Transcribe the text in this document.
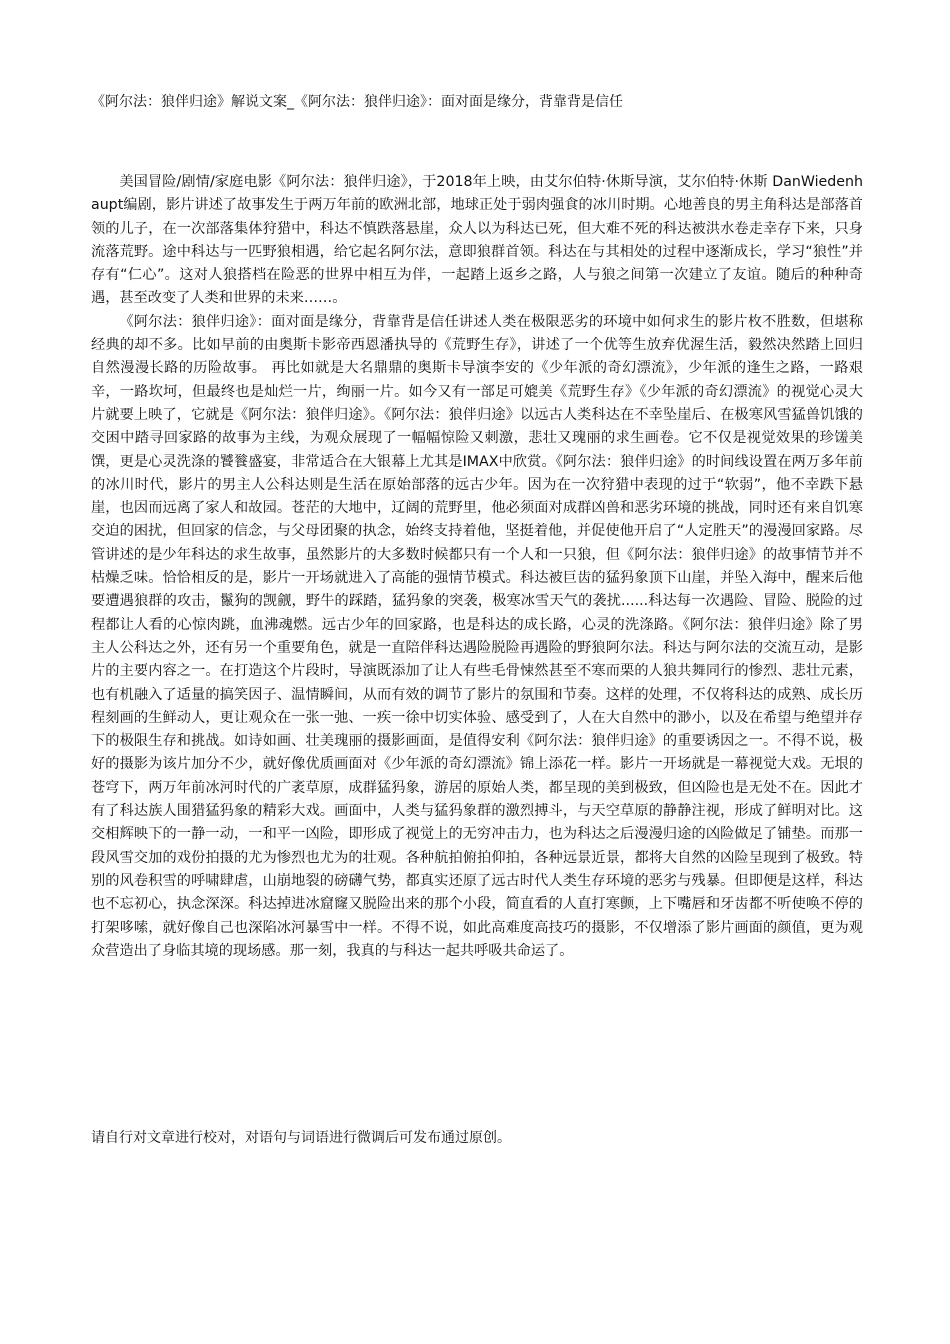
《阿尔法：狼伴归途》解说文案_《阿尔法：狼伴归途》：面对面是缘分，背靠背是信任

美国冒险/剧情/家庭电影《阿尔法：狼伴归途》，于2018年上映，由艾尔伯特·休斯导演，艾尔伯特·休斯 DanWiedenhaupt编剧，影片讲述了故事发生于两万年前的欧洲北部，地球正处于弱肉强食的冰川时期。心地善良的男主角科达是部落首领的儿子，在一次部落集体狩猎中，科达不慎跌落悬崖，众人以为科达已死，但大难不死的科达被洪水卷走幸存下来，只身流落荒野。途中科达与一匹野狼相遇，给它起名阿尔法，意即狼群首领。科达在与其相处的过程中逐渐成长，学习“狼性”并存有“仁心”。这对人狼搭档在险恶的世界中相互为伴，一起踏上返乡之路，人与狼之间第一次建立了友谊。随后的种种奇遇，甚至改变了人类和世界的未来……。

《阿尔法：狼伴归途》：面对面是缘分，背靠背是信任讲述人类在极限恶劣的环境中如何求生的影片枚不胜数，但堪称经典的却不多。比如早前的由奥斯卡影帝西恩潘执导的《荒野生存》，讲述了一个优等生放弃优渥生活，毅然决然踏上回归自然漫漫长路的历险故事。 再比如就是大名鼎鼎的奥斯卡导演李安的《少年派的奇幻漂流》，少年派的逢生之路，一路艰辛，一路坎坷，但最终也是灿烂一片，绚丽一片。如今又有一部足可媲美《荒野生存》《少年派的奇幻漂流》的视觉心灵大片就要上映了，它就是《阿尔法：狼伴归途》。《阿尔法：狼伴归途》以远古人类科达在不幸坠崖后、在极寒风雪猛兽饥饿的交困中踏寻回家路的故事为主线，为观众展现了一幅幅惊险又刺激，悲壮又瑰丽的求生画卷。它不仅是视觉效果的珍馐美馔，更是心灵洗涤的饕餮盛宴，非常适合在大银幕上尤其是IMAX中欣赏。《阿尔法：狼伴归途》的时间线设置在两万多年前的冰川时代，影片的男主人公科达则是生活在原始部落的远古少年。因为在一次狩猎中表现的过于“软弱”，他不幸跌下悬崖，也因而远离了家人和故园。苍茫的大地中，辽阔的荒野里，他必须面对成群凶兽和恶劣环境的挑战，同时还有来自饥寒交迫的困扰，但回家的信念，与父母团聚的执念，始终支持着他，坚挺着他，并促使他开启了“人定胜天”的漫漫回家路。尽管讲述的是少年科达的求生故事，虽然影片的大多数时候都只有一个人和一只狼，但《阿尔法：狼伴归途》的故事情节并不枯燥乏味。恰恰相反的是，影片一开场就进入了高能的强情节模式。科达被巨齿的猛犸象顶下山崖，并坠入海中，醒来后他要遭遇狼群的攻击，鬣狗的觊觎，野牛的踩踏，猛犸象的突袭，极寒冰雪天气的袭扰......科达每一次遇险、冒险、脱险的过程都让人看的心惊肉跳，血沸魂燃。远古少年的回家路，也是科达的成长路，心灵的洗涤路。《阿尔法：狼伴归途》除了男主人公科达之外，还有另一个重要角色，就是一直陪伴科达遇险脱险再遇险的野狼阿尔法。科达与阿尔法的交流互动，是影片的主要内容之一。在打造这个片段时，导演既添加了让人有些毛骨悚然甚至不寒而栗的人狼共舞同行的惨烈、悲壮元素，也有机融入了适量的搞笑因子、温情瞬间，从而有效的调节了影片的氛围和节奏。这样的处理，不仅将科达的成熟、成长历程刻画的生鲜动人，更让观众在一张一弛、一疾一徐中切实体验、感受到了，人在大自然中的渺小，以及在希望与绝望并存下的极限生存和挑战。如诗如画、壮美瑰丽的摄影画面，是值得安利《阿尔法：狼伴归途》的重要诱因之一。不得不说，极好的摄影为该片加分不少，就好像优质画面对《少年派的奇幻漂流》锦上添花一样。影片一开场就是一幕视觉大戏。无垠的苍穹下，两万年前冰河时代的广袤草原，成群猛犸象，游居的原始人类，都呈现的美到极致，但凶险也是无处不在。因此才有了科达族人围猎猛犸象的精彩大戏。画面中，人类与猛犸象群的激烈搏斗，与天空草原的静静注视，形成了鲜明对比。这交相辉映下的一静一动，一和平一凶险，即形成了视觉上的无穷冲击力，也为科达之后漫漫归途的凶险做足了铺垫。而那一段风雪交加的戏份拍摄的尤为惨烈也尤为的壮观。各种航拍俯拍仰拍，各种远景近景，都将大自然的凶险呈现到了极致。特别的风卷积雪的呼啸肆虐，山崩地裂的磅礴气势，都真实还原了远古时代人类生存环境的恶劣与残暴。但即便是这样，科达也不忘初心，执念深深。科达掉进冰窟窿又脱险出来的那个小段，简直看的人直打寒颤，上下嘴唇和牙齿都不听使唤不停的打架哆嗦，就好像自己也深陷冰河暴雪中一样。不得不说，如此高难度高技巧的摄影，不仅增添了影片画面的颜值，更为观众营造出了身临其境的现场感。那一刻，我真的与科达一起共呼吸共命运了。

请自行对文章进行校对，对语句与词语进行微调后可发布通过原创。
